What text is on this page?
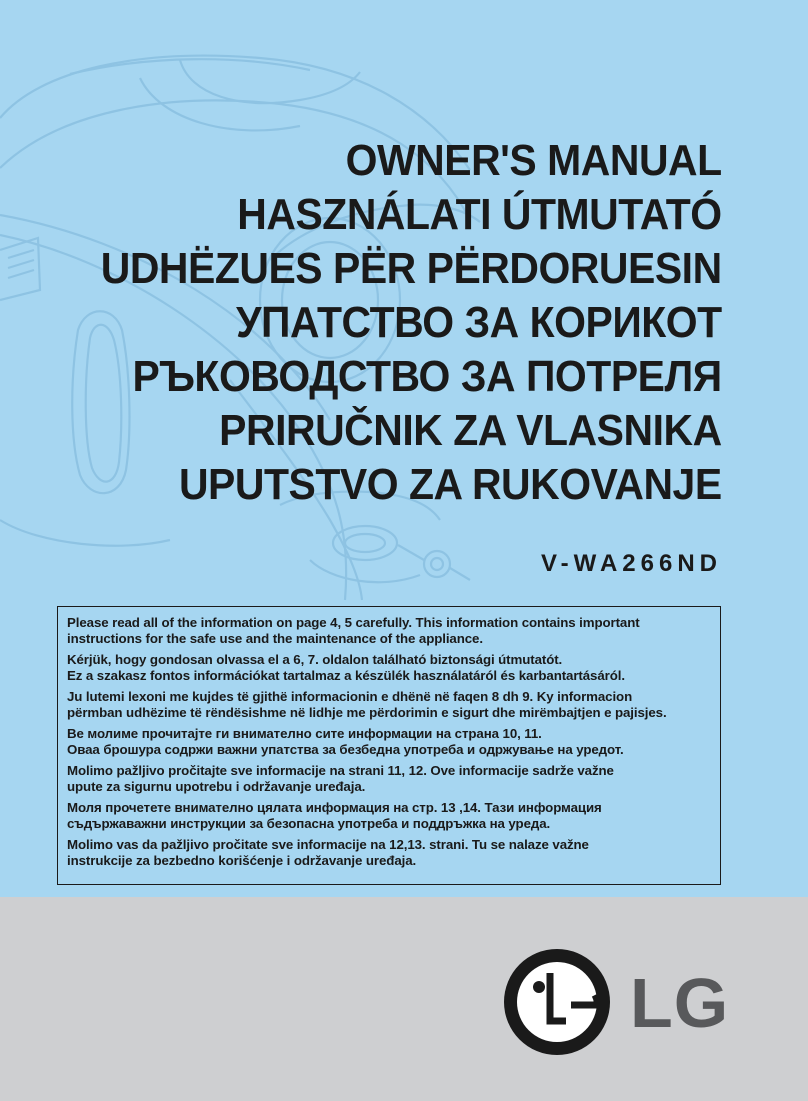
OWNER'S MANUAL
HASZNÁLATI ÚTMUTATÓ
UDHËZUES PËR PËRDORUESIN
УПАТСТВО ЗА КОРИКОТ
РЪКОВОДСТВО ЗА ПОТРЕЛЯ
PRIRUČNIK ZA VLASNIKA
UPUTSTVO ZA RUKOVANJE
V-WA266ND

Please read all of the information on page 4, 5 carefully. This information contains important
instructions for the safe use and the maintenance of the appliance.

Kérjük, hogy gondosan olvassa el a 6, 7. oldalon található biztonsági útmutatót.
Ez a szakasz fontos információkat tartalmaz a készülék használatáról és karbantartásáról.

Ju lutemi lexoni me kujdes të gjithë informacionin e dhënë në faqen 8 dh 9. Ky informacion
përmban udhëzime të rëndësishme në lidhje me përdorimin e sigurt dhe mirëmbajtjen e pajisjes.

Ве молиме прочитајте ги внимателно сите информации на страна 10, 11.
Оваа брошура содржи важни упатства за безбедна употреба и одржување на уредот.

Molimo pažljivo pročitajte sve informacije na strani 11, 12. Ove informacije sadrže važne
upute za sigurnu upotrebu i održavanje uređaja.

Моля прочетете внимателно цялата информация на стр. 13 ,14. Тази информация
съдържаважни инструкции за безопасна употреба и поддръжка на уреда.

Molimo vas da pažljivo pročitate sve informacije na 12,13. strani. Tu se nalaze važne
instrukcije za bezbedno korišćenje i održavanje uređaja.

LG
